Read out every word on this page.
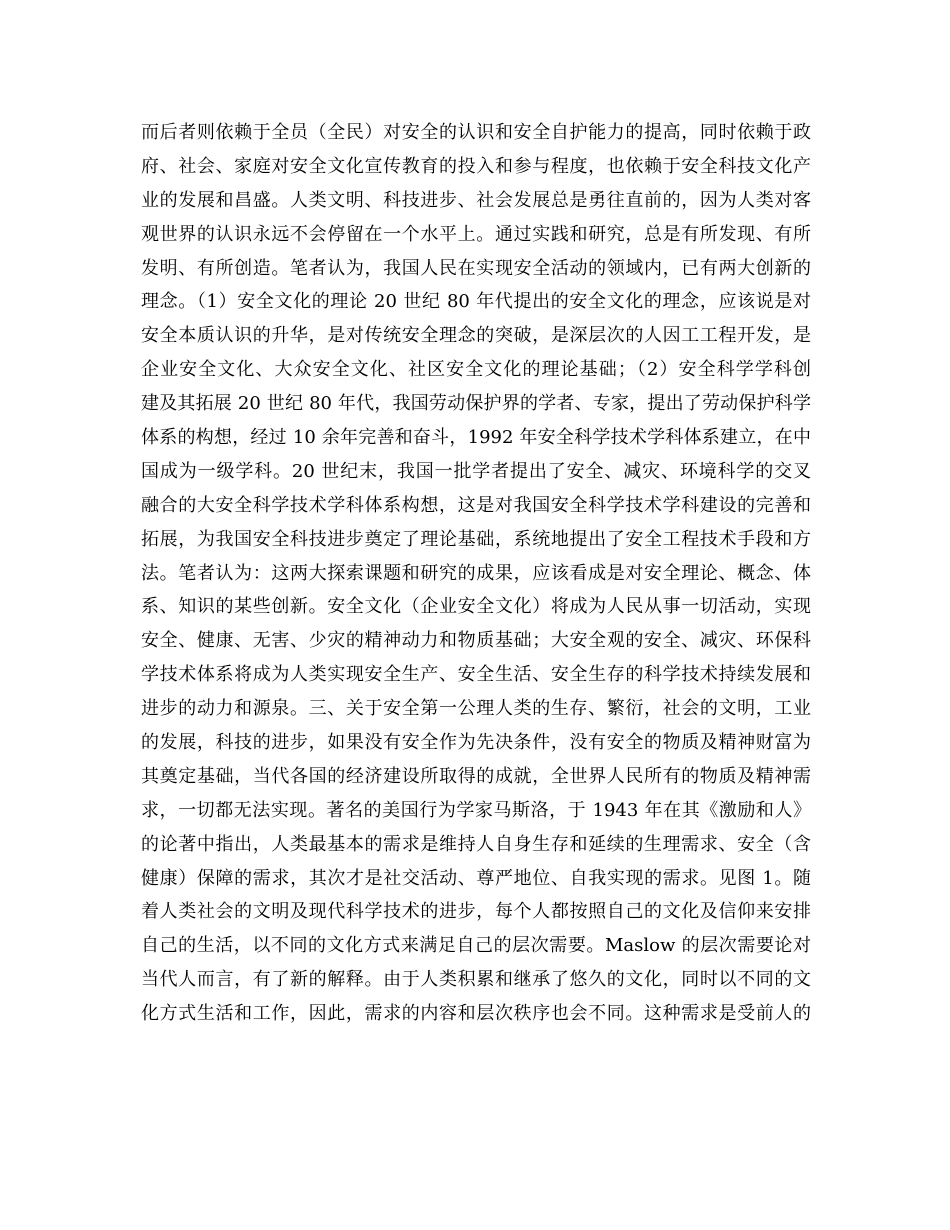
而后者则依赖于全员（全民）对安全的认识和安全自护能力的提高，同时依赖于政
府、社会、家庭对安全文化宣传教育的投入和参与程度，也依赖于安全科技文化产
业的发展和昌盛。人类文明、科技进步、社会发展总是勇往直前的，因为人类对客
观世界的认识永远不会停留在一个水平上。通过实践和研究，总是有所发现、有所
发明、有所创造。笔者认为，我国人民在实现安全活动的领域内，已有两大创新的
理念。（1）安全文化的理论 20 世纪 80 年代提出的安全文化的理念，应该说是对
安全本质认识的升华，是对传统安全理念的突破，是深层次的人因工工程开发，是
企业安全文化、大众安全文化、社区安全文化的理论基础；（2）安全科学学科创
建及其拓展 20 世纪 80 年代，我国劳动保护界的学者、专家，提出了劳动保护科学
体系的构想，经过 10 余年完善和奋斗，1992 年安全科学技术学科体系建立，在中
国成为一级学科。20 世纪末，我国一批学者提出了安全、减灾、环境科学的交叉
融合的大安全科学技术学科体系构想，这是对我国安全科学技术学科建设的完善和
拓展，为我国安全科技进步奠定了理论基础，系统地提出了安全工程技术手段和方
法。笔者认为：这两大探索课题和研究的成果，应该看成是对安全理论、概念、体
系、知识的某些创新。安全文化（企业安全文化）将成为人民从事一切活动，实现
安全、健康、无害、少灾的精神动力和物质基础；大安全观的安全、减灾、环保科
学技术体系将成为人类实现安全生产、安全生活、安全生存的科学技术持续发展和
进步的动力和源泉。三、关于安全第一公理人类的生存、繁衍，社会的文明，工业
的发展，科技的进步，如果没有安全作为先决条件，没有安全的物质及精神财富为
其奠定基础，当代各国的经济建设所取得的成就，全世界人民所有的物质及精神需
求，一切都无法实现。著名的美国行为学家马斯洛，于 1943 年在其《激励和人》
的论著中指出，人类最基本的需求是维持人自身生存和延续的生理需求、安全（含
健康）保障的需求，其次才是社交活动、尊严地位、自我实现的需求。见图 1。随
着人类社会的文明及现代科学技术的进步，每个人都按照自己的文化及信仰来安排
自己的生活，以不同的文化方式来满足自己的层次需要。Maslow 的层次需要论对
当代人而言，有了新的解释。由于人类积累和继承了悠久的文化，同时以不同的文
化方式生活和工作，因此，需求的内容和层次秩序也会不同。这种需求是受前人的
